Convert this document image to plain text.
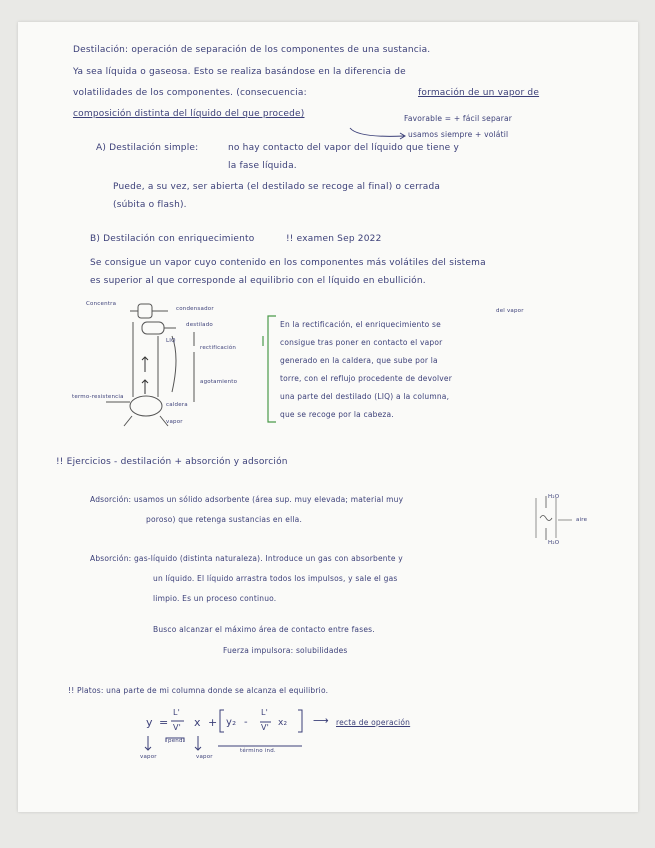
Destilación: operación de separación de los componentes de una sustancia.
Ya sea líquida o gaseosa. Esto se realiza basándose en la diferencia de
volatilidades de los componentes. (consecuencia:	formación de un vapor de
composición distinta del líquido del que procede)	Favorable = + fácil separar
usamos siempre + volátil
A) Destilación simple:	no hay contacto del vapor del líquido que tiene y
la fase líquida.
Puede, a su vez, ser abierta (el destilado se recoge al final) o cerrada
(súbita o flash).
B) Destilación con enriquecimiento	!! examen Sep 2022
Se consigue un vapor cuyo contenido en los componentes más volátiles del sistema
es superior al que corresponde al equilibrio con el líquido en ebullición.
Concentra
condensador
destilado
LIQ
rectificación
agotamiento
caldera
termo-resistencia
vapor
del vapor
En la rectificación, el enriquecimiento se
consigue tras poner en contacto el vapor
generado en la caldera, que sube por la
torre, con el reflujo procedente de devolver
una parte del destilado (LIQ) a la columna,
que se recoge por la cabeza.
!! Ejercicios - destilación + absorción y adsorción
Adsorción: usamos un sólido adsorbente (área sup. muy elevada; material muy
poroso) que retenga sustancias en ella.
H₂O
aire
H₂O
Absorción: gas-líquido (distinta naturaleza). Introduce un gas con absorbente y
un líquido. El líquido arrastra todos los impulsos, y sale el gas
limpio. Es un proceso continuo.
Busco alcanzar el máximo área de contacto entre fases.
Fuerza impulsora: solubilidades
!! Platos: una parte de mi columna donde se alcanza el equilibrio.
y =
L'
V' x + y₂ -
L'
V' x₂ ⟶ recta de operación
vapor
pend.
vapor
término ind.
